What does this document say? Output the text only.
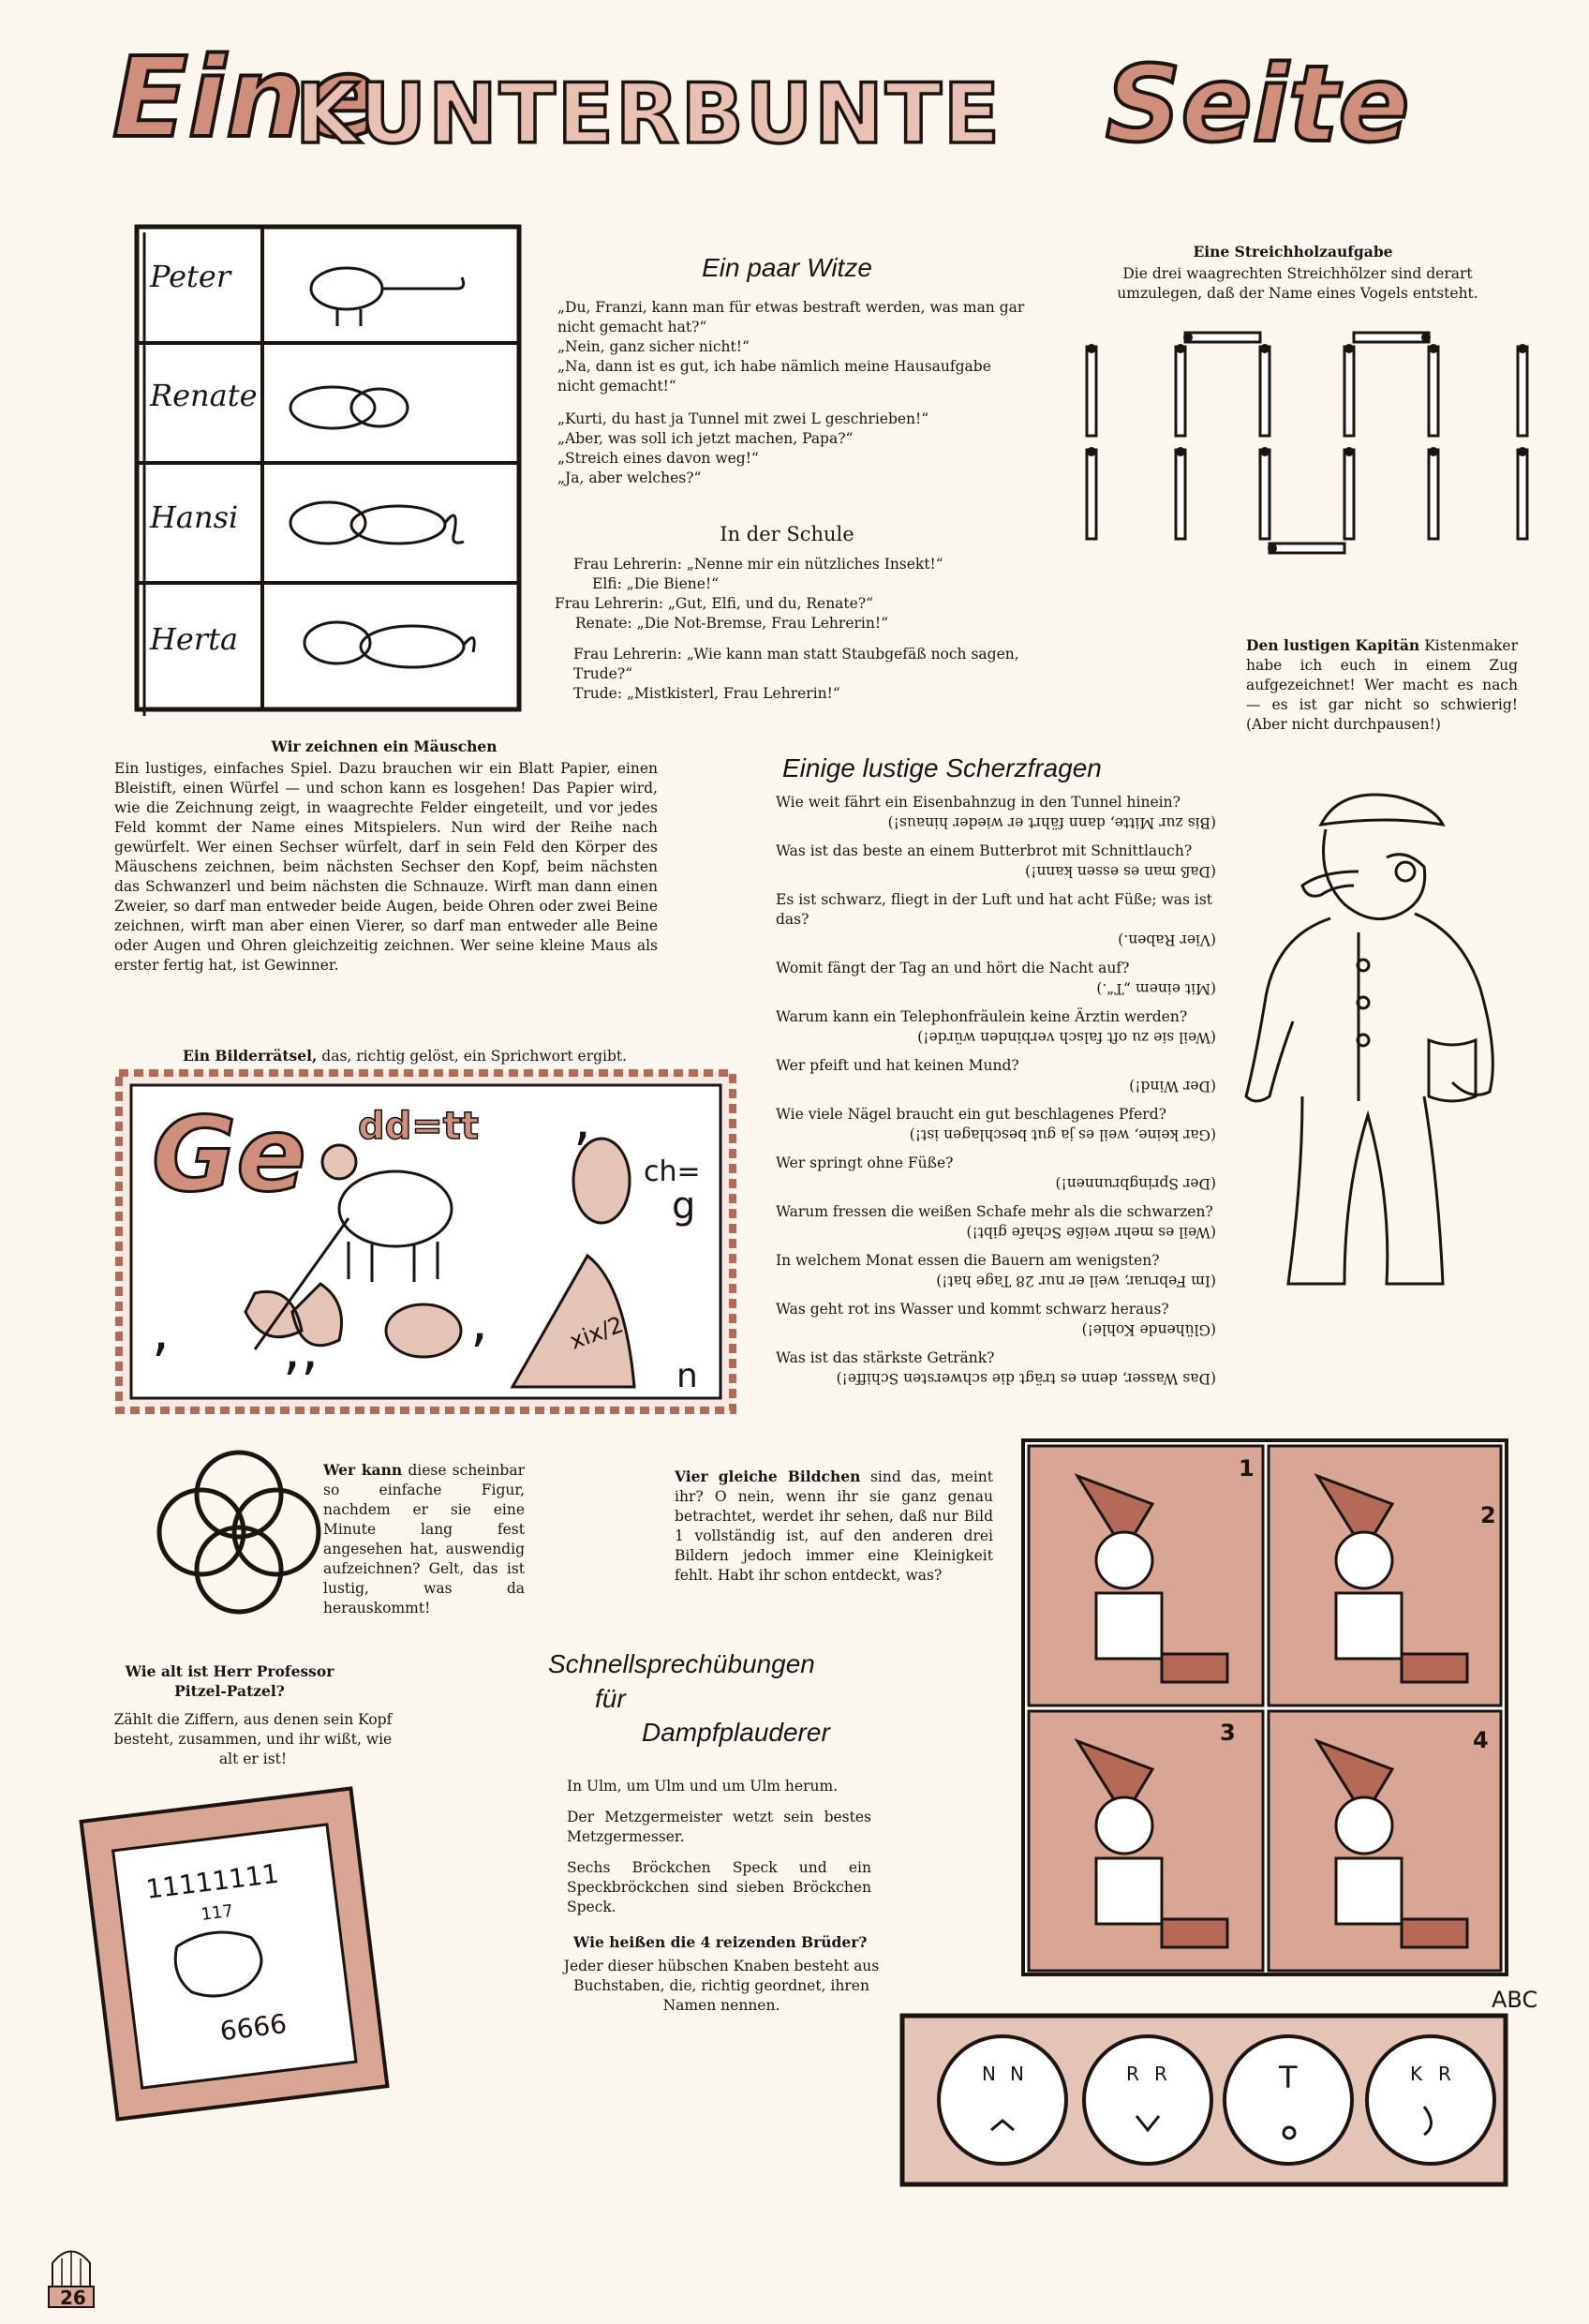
Eine
KUNTERBUNTE Seite
Peter
Renate
Hansi
Herta
Wir zeichnen ein Mäuschen
Ein lustiges, einfaches Spiel. Dazu brauchen wir ein Blatt Papier, einen Bleistift, einen Würfel — und schon kann es losgehen! Das Papier wird, wie die Zeichnung zeigt, in waagrechte Felder eingeteilt, und vor jedes Feld kommt der Name eines Mitspielers. Nun wird der Reihe nach gewürfelt. Wer einen Sechser würfelt, darf in sein Feld den Körper des Mäuschens zeichnen, beim nächsten Sechser den Kopf, beim nächsten das Schwanzerl und beim nächsten die Schnauze. Wirft man dann einen Zweier, so darf man entweder beide Augen, beide Ohren oder zwei Beine zeichnen, wirft man aber einen Vierer, so darf man entweder alle Beine oder Augen und Ohren gleichzeitig zeichnen. Wer seine kleine Maus als erster fertig hat, ist Gewinner.
Ein paar Witze
„Du, Franzi, kann man für etwas bestraft werden, was man gar nicht gemacht hat?“
„Nein, ganz sicher nicht!“
„Na, dann ist es gut, ich habe nämlich meine Hausaufgabe nicht gemacht!“
„Kurti, du hast ja Tunnel mit zwei L geschrieben!“
„Aber, was soll ich jetzt machen, Papa?“
„Streich eines davon weg!“
„Ja, aber welches?“
In der Schule
Frau Lehrerin: „Nenne mir ein nützliches Insekt!“
Elfi: „Die Biene!“
Frau Lehrerin: „Gut, Elfi, und du, Renate?“
Renate: „Die Not-Bremse, Frau Lehrerin!“
Frau Lehrerin: „Wie kann man statt Staubgefäß noch sagen, Trude?“
Trude: „Mistkisterl, Frau Lehrerin!“
Eine Streichholzaufgabe
Die drei waagrechten Streichhölzer sind derart umzulegen, daß der Name eines Vogels entsteht.
Den lustigen Kapitän Kistenmaker habe ich euch in einem Zug aufgezeichnet! Wer macht es nach — es ist gar nicht so schwierig! (Aber nicht durchpausen!)
Einige lustige Scherzfragen

Wie weit fährt ein Eisenbahnzug in den Tunnel hinein?

(Bis zur Mitte, dann fährt er wieder hinaus!)

Was ist das beste an einem Butterbrot mit Schnittlauch?

(Daß man es essen kann!)

Es ist schwarz, fliegt in der Luft und hat acht Füße; was ist das?

(Vier Raben.)

Womit fängt der Tag an und hört die Nacht auf?

(Mit einem „T“.)

Warum kann ein Telephonfräulein keine Ärztin werden?

(Weil sie zu oft falsch verbinden würde!)

Wer pfeift und hat keinen Mund?

(Der Wind!)

Wie viele Nägel braucht ein gut beschlagenes Pferd?

(Gar keine, weil es ja gut beschlagen ist!)

Wer springt ohne Füße?

(Der Springbrunnen!)

Warum fressen die weißen Schafe mehr als die schwarzen?

(Weil es mehr weiße Schafe gibt!)

In welchem Monat essen die Bauern am wenigsten?

(Im Februar, weil er nur 28 Tage hat!)

Was geht rot ins Wasser und kommt schwarz heraus?

(Glühende Kohle!)

Was ist das stärkste Getränk?

(Das Wasser, denn es trägt die schwersten Schiffe!)

Ein Bilderrätsel, das, richtig gelöst, ein Sprichwort ergibt.
Ge dd=tt
ch=
g
xix/2
n
,
, ,,	,
Wer kann diese scheinbar so einfache Figur, nachdem er sie eine Minute lang fest angesehen hat, auswendig aufzeichnen? Gelt, das ist lustig, was da herauskommt!
Vier gleiche Bildchen sind das, meint ihr? O nein, wenn ihr sie ganz genau betrachtet, werdet ihr sehen, daß nur Bild 1 vollständig ist, auf den anderen drei Bildern jedoch immer eine Kleinigkeit fehlt. Habt ihr schon entdeckt, was?
1
2
3	4
Wie alt ist Herr Professor Pitzel-Patzel?
Zählt die Ziffern, aus denen sein Kopf besteht, zusammen, und ihr wißt, wie alt er ist!
11111111
117
6666
Schnellsprechübungen
für
Dampfplauderer
In Ulm, um Ulm und um Ulm herum.
Der Metzgermeister wetzt sein bestes Metzgermesser.
Sechs Bröckchen Speck und ein Speckbröckchen sind sieben Bröckchen Speck.
Wie heißen die 4 reizenden Brüder?
Jeder dieser hübschen Knaben besteht aus Buchstaben, die, richtig geordnet, ihren Namen nennen.	ABC
N N	R R	T	K R
26
